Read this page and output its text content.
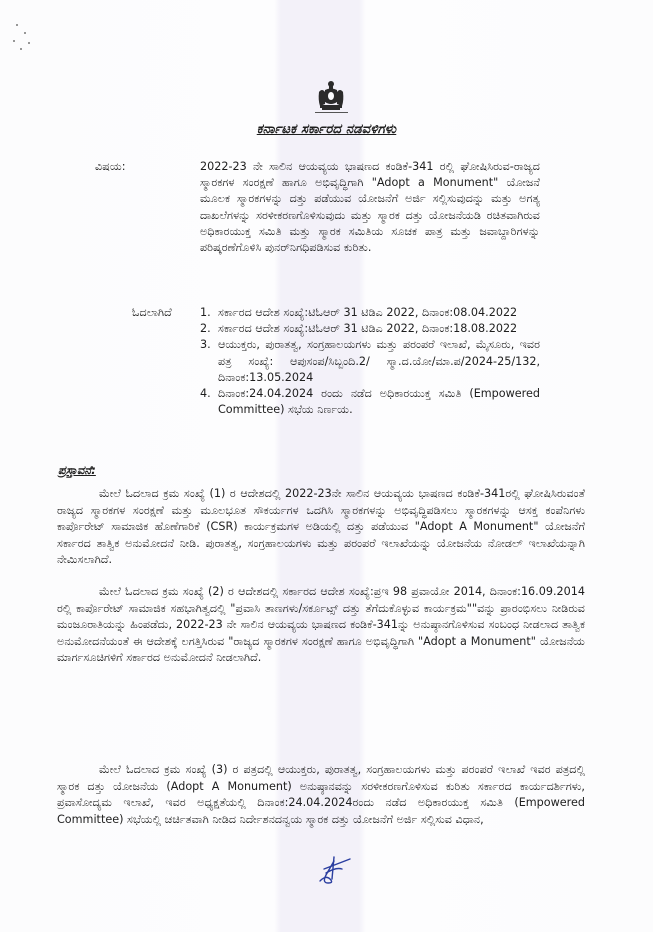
ಕರ್ನಾಟಕ ಸರ್ಕಾರದ ನಡವಳಿಗಳು
ವಿಷಯ:	2022-23 ನೇ ಸಾಲಿನ ಆಯವ್ಯಯ ಭಾಷಣದ ಕಂಡಿಕೆ-341 ರಲ್ಲಿ ಘೋಷಿಸಿರುವ-ರಾಜ್ಯದ ಸ್ಮಾರಕಗಳ ಸಂರಕ್ಷಣೆ ಹಾಗೂ ಅಭಿವೃದ್ಧಿಗಾಗಿ "Adopt a Monument" ಯೋಜನೆ ಮೂಲಕ ಸ್ಮಾರಕಗಳನ್ನು ದತ್ತು ಪಡೆಯುವ ಯೋಜನೆಗೆ ಅರ್ಜಿ ಸಲ್ಲಿಸುವುದನ್ನು ಮತ್ತು ಅಗತ್ಯ ದಾಖಲೆಗಳನ್ನು ಸರಳೀಕರಣಗೊಳಿಸುವುದು ಮತ್ತು ಸ್ಮಾರಕ ದತ್ತು ಯೋಜನೆಯಡಿ ರಚಿತವಾಗಿರುವ ಅಧಿಕಾರಯುಕ್ತ ಸಮಿತಿ ಮತ್ತು ಸ್ಮಾರಕ ಸಮಿತಿಯ ಸೂಚಕ ಪಾತ್ರ ಮತ್ತು ಜವಾಬ್ದಾರಿಗಳನ್ನು ಪರಿಷ್ಕರಣೆಗೊಳಿಸಿ ಪುನರ್‌ನಿಗಧಿಪಡಿಸುವ ಕುರಿತು.
ಓದಲಾಗಿದೆ	1. ಸರ್ಕಾರದ ಆದೇಶ ಸಂಖ್ಯೆ:ಟಿಓಆರ್ 31 ಟಿಡಿಎ 2022, ದಿನಾಂಕ:08.04.2022
2. ಸರ್ಕಾರದ ಆದೇಶ ಸಂಖ್ಯೆ:ಟಿಓಆರ್ 31 ಟಿಡಿಎ 2022, ದಿನಾಂಕ:18.08.2022
3. ಆಯುಕ್ತರು, ಪುರಾತತ್ವ, ಸಂಗ್ರಹಾಲಯಗಳು ಮತ್ತು ಪರಂಪರೆ ಇಲಾಖೆ, ಮೈಸೂರು, ಇವರ ಪತ್ರ ಸಂಖ್ಯೆ: ಆಪುಸಂಪ/ಸಿಬ್ಬಂದಿ.2/ ಸ್ಮಾ.ದ.ಯೋ/ಮಾ.ಪ/2024-25/132, ದಿನಾಂಕ:13.05.2024
4. ದಿನಾಂಕ:24.04.2024 ರಂದು ನಡೆದ ಅಧಿಕಾರಯುಕ್ತ ಸಮಿತಿ (Empowered Committee) ಸಭೆಯ ನಿರ್ಣಯ.
ಪ್ರಸ್ತಾವನೆ:

ಮೇಲೆ ಓದಲಾದ ಕ್ರಮ ಸಂಖ್ಯೆ (1) ರ ಆದೇಶದಲ್ಲಿ 2022-23ನೇ ಸಾಲಿನ ಆಯವ್ಯಯ ಭಾಷಣದ ಕಂಡಿಕೆ-341ರಲ್ಲಿ ಘೋಷಿಸಿರುವಂತೆ ರಾಜ್ಯದ ಸ್ಮಾರಕಗಳ ಸಂರಕ್ಷಣೆ ಮತ್ತು ಮೂಲಭೂತ ಸೌಕರ್ಯಗಳ ಒದಗಿಸಿ ಸ್ಮಾರಕಗಳನ್ನು ಅಭಿವೃದ್ಧಿಪಡಿಸಲು ಸ್ಮಾರಕಗಳನ್ನು ಆಸಕ್ತ ಕಂಪೆನಿಗಳು ಕಾರ್ಪೊರೇಟ್ ಸಾಮಾಜಿಕ ಹೊಣೆಗಾರಿಕೆ (CSR) ಕಾರ್ಯಕ್ರಮಗಳ ಅಡಿಯಲ್ಲಿ ದತ್ತು ಪಡೆಯುವ "Adopt A Monument" ಯೋಜನೆಗೆ ಸರ್ಕಾರದ ತಾತ್ವಿಕ ಅನುಮೋದನೆ ನೀಡಿ. ಪುರಾತತ್ವ, ಸಂಗ್ರಹಾಲಯಗಳು ಮತ್ತು ಪರಂಪರೆ ಇಲಾಖೆಯನ್ನು ಯೋಜನೆಯ ನೋಡಲ್ ಇಲಾಖೆಯನ್ನಾಗಿ ನೇಮಿಸಲಾಗಿದೆ.

ಮೇಲೆ ಓದಲಾದ ಕ್ರಮ ಸಂಖ್ಯೆ (2) ರ ಆದೇಶದಲ್ಲಿ ಸರ್ಕಾರದ ಆದೇಶ ಸಂಖ್ಯೆ:ಪ್ರಇ 98 ಪ್ರವಾಯೋ 2014, ದಿನಾಂಕ:16.09.2014 ರಲ್ಲಿ ಕಾರ್ಪೊರೇಟ್ ಸಾಮಾಜಿಕ ಸಹಭಾಗಿತ್ವದಲ್ಲಿ "ಪ್ರವಾಸಿ ತಾಣಗಳು/ಸರ್ಕೂಟ್ಸ್ ದತ್ತು ತೆಗೆದುಕೊಳ್ಳುವ ಕಾರ್ಯಕ್ರಮ""ವನ್ನು ಪ್ರಾರಂಭಿಸಲು ನೀಡಿರುವ ಮಂಜೂರಾತಿಯನ್ನು ಹಿಂಪಡೆದು, 2022-23 ನೇ ಸಾಲಿನ ಆಯವ್ಯಯ ಭಾಷಣದ ಕಂಡಿಕೆ-341ನ್ನು ಅನುಷ್ಠಾನಗೊಳಿಸುವ ಸಂಬಂಧ ನೀಡಲಾದ ತಾತ್ವಿಕ ಅನುಮೋದನೆಯಂತೆ ಈ ಆದೇಶಕ್ಕೆ ಲಗತ್ತಿಸಿರುವ "ರಾಜ್ಯದ ಸ್ಮಾರಕಗಳ ಸಂರಕ್ಷಣೆ ಹಾಗೂ ಅಭಿವೃದ್ಧಿಗಾಗಿ "Adopt a Monument" ಯೋಜನೆಯ ಮಾರ್ಗಸೂಚಿಗಳಿಗೆ ಸರ್ಕಾರದ ಅನುಮೋದನೆ ನೀಡಲಾಗಿದೆ.

ಮೇಲೆ ಓದಲಾದ ಕ್ರಮ ಸಂಖ್ಯೆ (3) ರ ಪತ್ರದಲ್ಲಿ ಆಯುಕ್ತರು, ಪುರಾತತ್ವ, ಸಂಗ್ರಹಾಲಯಗಳು ಮತ್ತು ಪರಂಪರೆ ಇಲಾಖೆ ಇವರ ಪತ್ರದಲ್ಲಿ ಸ್ಮಾರಕ ದತ್ತು ಯೋಜನೆಯ (Adopt A Monument) ಅನುಷ್ಠಾನವನ್ನು ಸರಳೀಕರಣಗೊಳಿಸುವ ಕುರಿತು ಸರ್ಕಾರದ ಕಾರ್ಯದರ್ಶಿಗಳು, ಪ್ರವಾಸೋದ್ಯಮ ಇಲಾಖೆ, ಇವರ ಅಧ್ಯಕ್ಷತೆಯಲ್ಲಿ ದಿನಾಂಕ:24.04.2024ರಂದು ನಡೆದ ಅಧಿಕಾರಯುಕ್ತ ಸಮಿತಿ (Empowered Committee) ಸಭೆಯಲ್ಲಿ ಚರ್ಚಿತವಾಗಿ ನೀಡಿದ ನಿರ್ದೇಶನದನ್ವಯ ಸ್ಮಾರಕ ದತ್ತು ಯೋಜನೆಗೆ ಅರ್ಜಿ ಸಲ್ಲಿಸುವ ವಿಧಾನ,
